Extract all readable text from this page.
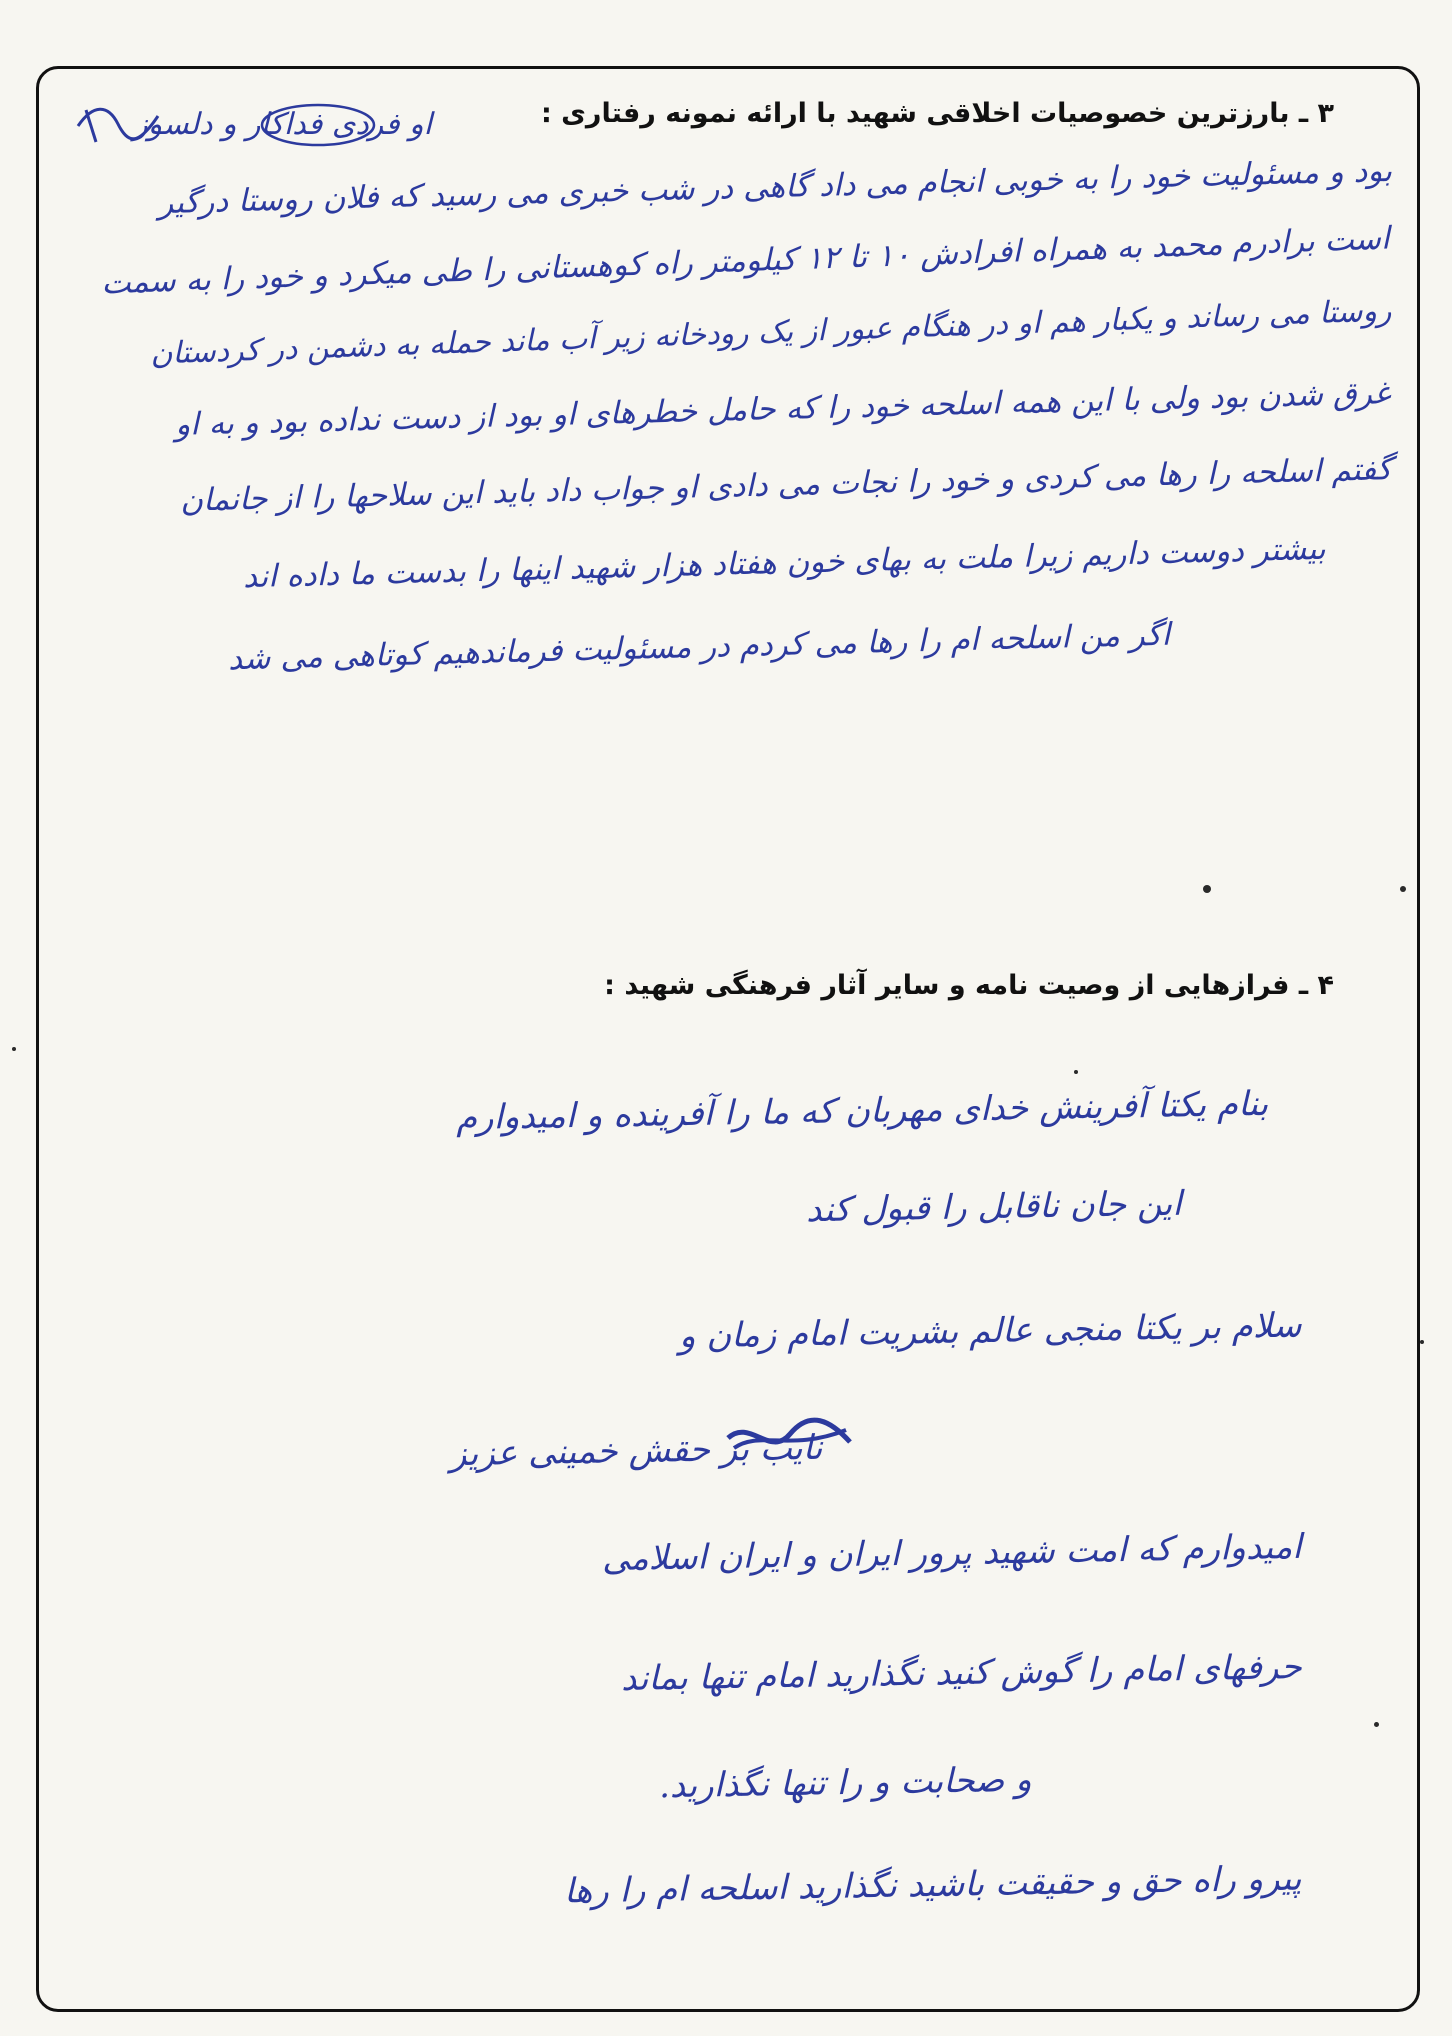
۳ ـ بارزترین خصوصیات اخلاقی شهید با ارائه نمونه رفتاری :
او فردی فداکار و دلسوز
بود و مسئولیت خود را به خوبی انجام می داد گاهی در شب خبری می رسید که فلان روستا درگیر
است برادرم محمد به همراه افرادش ۱۰ تا ۱۲ کیلومتر راه کوهستانی را طی میکرد و خود را به سمت
روستا می رساند و یکبار هم او در هنگام عبور از یک رودخانه زیر آب ماند حمله به دشمن در کردستان
غرق شدن بود ولی با این همه اسلحه خود را که حامل خطرهای او بود از دست نداده بود و به او
گفتم اسلحه را رها می کردی و خود را نجات می دادی او جواب داد باید این سلاحها را از جانمان
بیشتر دوست داریم زیرا ملت به بهای خون هفتاد هزار شهید اینها را بدست ما داده اند
اگر من اسلحه ام را رها می کردم در مسئولیت فرماندهیم کوتاهی می شد
۴ ـ فرازهایی از وصیت نامه و سایر آثار فرهنگی شهید :
بنام یکتا آفرینش خدای مهربان که ما را آفرینده و امیدوارم
این جان ناقابل را قبول کند
سلام بر یکتا منجی عالم بشریت امام زمان و
نایب بر حقش خمینی عزیز
امیدوارم که امت شهید پرور ایران و ایران اسلامی
حرفهای امام را گوش کنید نگذارید امام تنها بماند
و صحابت و را تنها نگذارید.
پیرو راه حق و حقیقت باشید نگذارید اسلحه ام را رها
